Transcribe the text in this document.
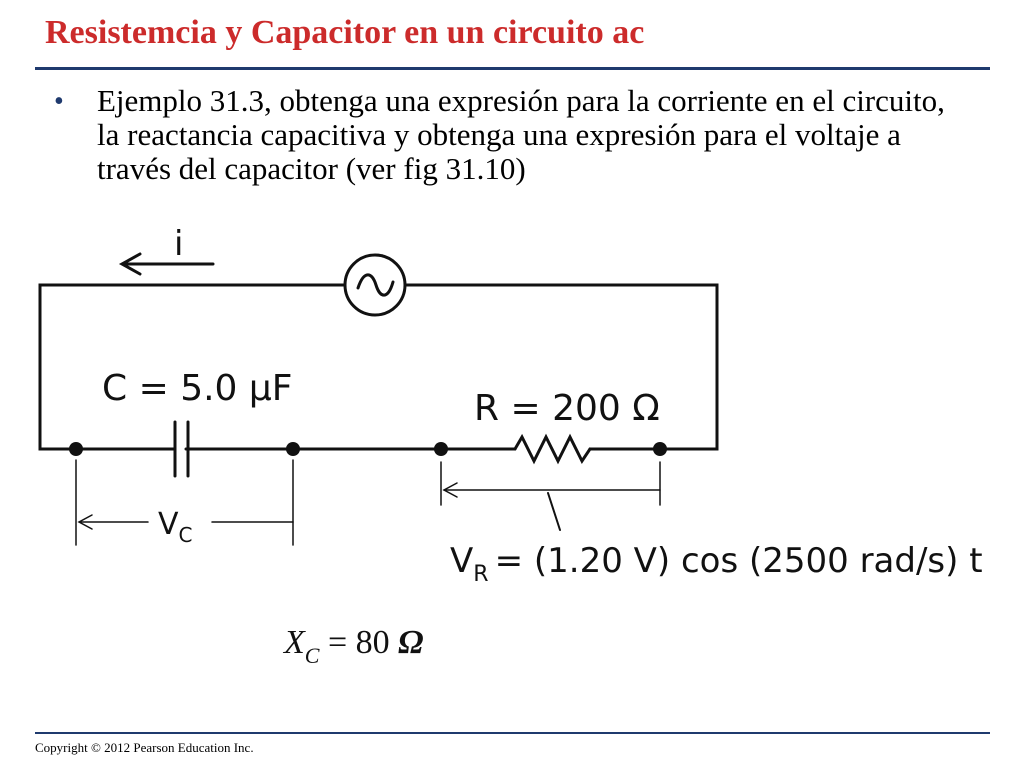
Resistemcia y Capacitor en un circuito ac
• Ejemplo 31.3, obtenga una expresión para la corriente en el circuito, la reactancia capacitiva y obtenga una expresión para el voltaje a través del capacitor (ver fig 31.10)
i
C = 5.0 μF	R = 200 Ω
$V_C$
$V_R = (1.20$ V) cos (2500 rad/s) t
$X_C = 80$ Ω
Copyright © 2012 Pearson Education Inc.
